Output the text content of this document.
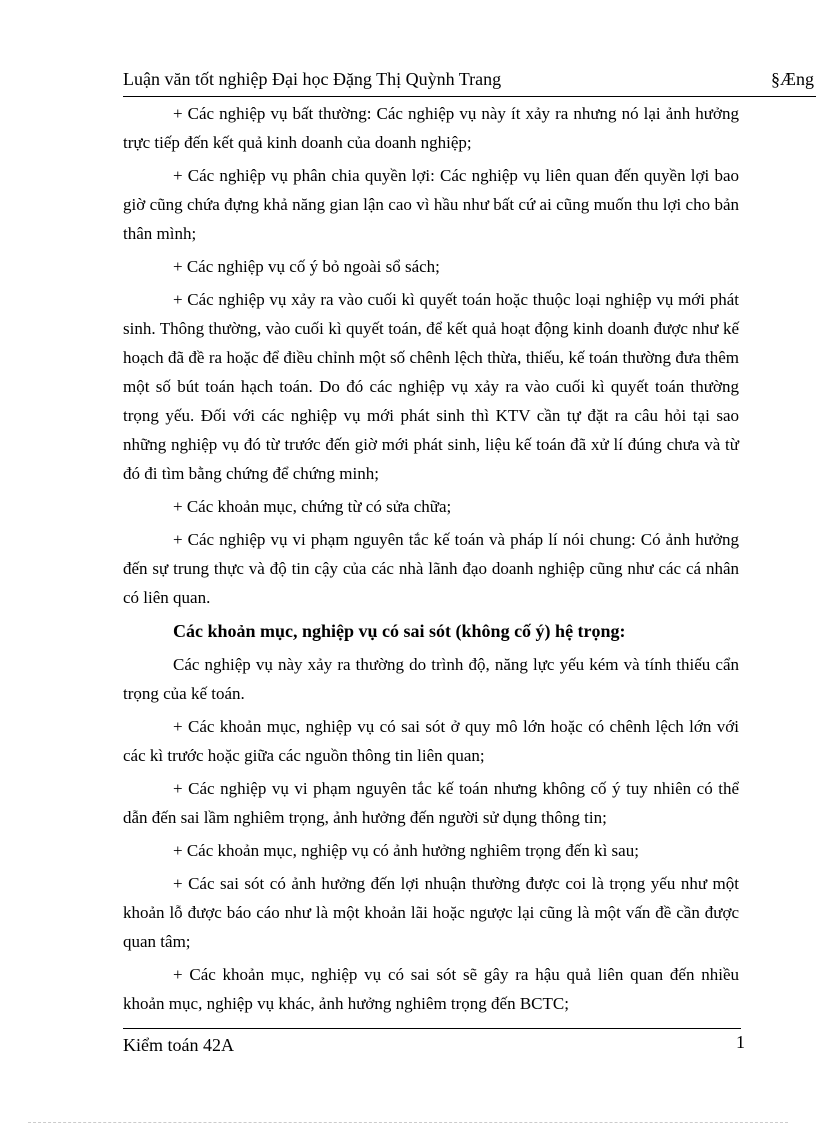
Luận văn tốt nghiệp Đại học Đặng Thị Quỳnh Trang	§Æng

+ Các nghiệp vụ bất thường: Các nghiệp vụ này ít xảy ra nhưng nó lại ảnh hưởng trực tiếp đến kết quả kinh doanh của doanh nghiệp;

+ Các nghiệp vụ phân chia quyền lợi: Các nghiệp vụ liên quan đến quyền lợi bao giờ cũng chứa đựng khả năng gian lận cao vì hầu như bất cứ ai cũng muốn thu lợi cho bản thân mình;

+ Các nghiệp vụ cố ý bỏ ngoài sổ sách;

+ Các nghiệp vụ xảy ra vào cuối kì quyết toán hoặc thuộc loại nghiệp vụ mới phát sinh. Thông thường, vào cuối kì quyết toán, để kết quả hoạt động kinh doanh được như kế hoạch đã đề ra hoặc để điều chỉnh một số chênh lệch thừa, thiếu, kế toán thường đưa thêm một số bút toán hạch toán. Do đó các nghiệp vụ xảy ra vào cuối kì quyết toán thường trọng yếu. Đối với các nghiệp vụ mới phát sinh thì KTV cần tự đặt ra câu hỏi tại sao những nghiệp vụ đó từ trước đến giờ mới phát sinh, liệu kế toán đã xử lí đúng chưa và từ đó đi tìm bằng chứng để chứng minh;

+ Các khoản mục, chứng từ có sửa chữa;

+ Các nghiệp vụ vi phạm nguyên tắc kế toán và pháp lí nói chung: Có ảnh hưởng đến sự trung thực và độ tin cậy của các nhà lãnh đạo doanh nghiệp cũng như các cá nhân có liên quan.

Các khoản mục, nghiệp vụ có sai sót (không cố ý) hệ trọng:

Các nghiệp vụ này xảy ra thường do trình độ, năng lực yếu kém và tính thiếu cẩn trọng của kế toán.

+ Các khoản mục, nghiệp vụ có sai sót ở quy mô lớn hoặc có chênh lệch lớn với các kì trước hoặc giữa các nguồn thông tin liên quan;

+ Các nghiệp vụ vi phạm nguyên tắc kế toán nhưng không cố ý tuy nhiên có thể dẫn đến sai lầm nghiêm trọng, ảnh hưởng đến người sử dụng thông tin;

+ Các khoản mục, nghiệp vụ có ảnh hưởng nghiêm trọng đến kì sau;

+ Các sai sót có ảnh hưởng đến lợi nhuận thường được coi là trọng yếu như một khoản lỗ được báo cáo như là một khoản lãi hoặc ngược lại cũng là một vấn đề cần được quan tâm;

+ Các khoản mục, nghiệp vụ có sai sót sẽ gây ra hậu quả liên quan đến nhiều khoản mục, nghiệp vụ khác, ảnh hưởng nghiêm trọng đến BCTC;

Kiểm toán 42A	1
